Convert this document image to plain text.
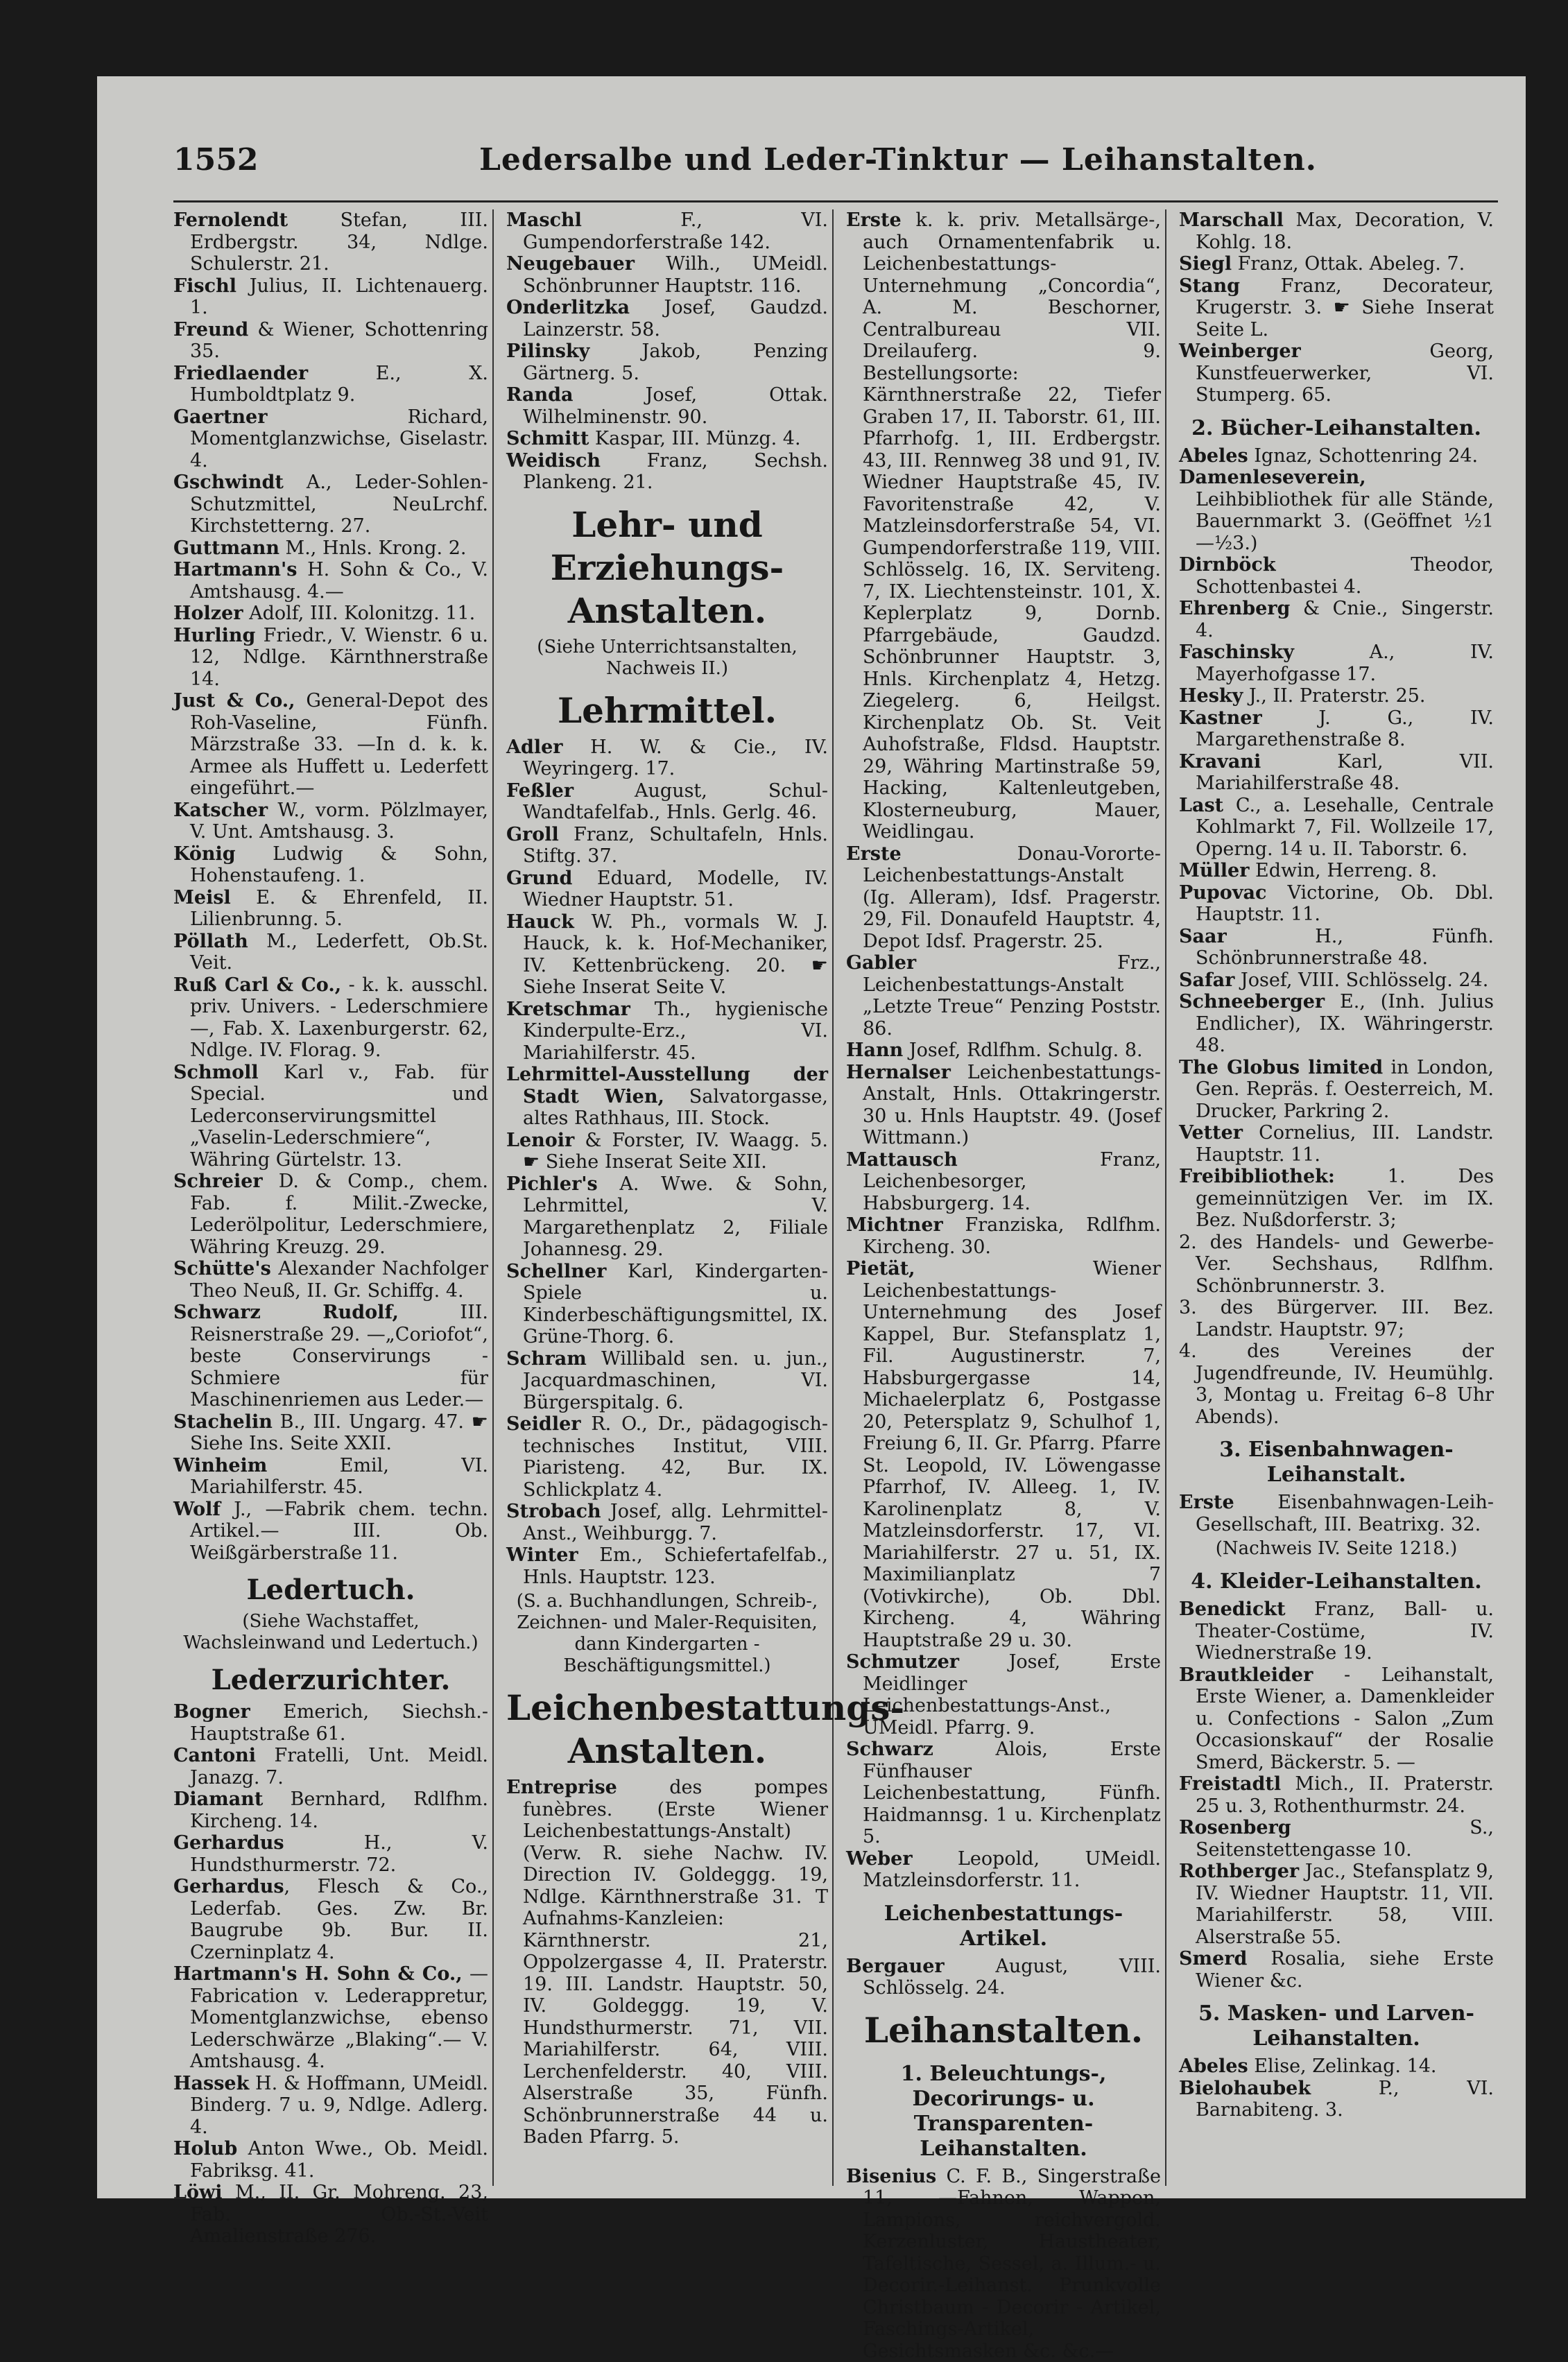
1552	Ledersalbe und Leder-Tinktur — Leihanstalten.

Fernolendt Stefan, III. Erdbergstr. 34, Ndlge. Schulerstr. 21.

Fischl Julius, II. Lichtenauerg. 1.

Freund & Wiener, Schottenring 35.

Friedlaender E., X. Humboldtplatz 9.

Gaertner Richard, Momentglanzwichse, Giselastr. 4.

Gschwindt A., Leder-Sohlen-Schutzmittel, NeuLrchf. Kirchstetterng. 27.

Guttmann M., Hnls. Krong. 2.

Hartmann's H. Sohn & Co., V. Amtshausg. 4.—

Holzer Adolf, III. Kolonitzg. 11.

Hurling Friedr., V. Wienstr. 6 u. 12, Ndlge. Kärnthnerstraße 14.

Just & Co., General-Depot des Roh-Vaseline, Fünfh. Märzstraße 33. —In d. k. k. Armee als Huffett u. Lederfett eingeführt.—

Katscher W., vorm. Pölzlmayer, V. Unt. Amtshausg. 3.

König Ludwig & Sohn, Hohenstaufeng. 1.

Meisl E. & Ehrenfeld, II. Lilienbrunng. 5.

Pöllath M., Lederfett, Ob.St. Veit.

Ruß Carl & Co., - k. k. ausschl. priv. Univers. - Lederschmiere—, Fab. X. Laxenburgerstr. 62, Ndlge. IV. Florag. 9.

Schmoll Karl v., Fab. für Special. und Lederconservirungsmittel „Vaselin-Lederschmiere“, Währing Gürtelstr. 13.

Schreier D. & Comp., chem. Fab. f. Milit.-Zwecke, Lederölpolitur, Lederschmiere, Währing Kreuzg. 29.

Schütte's Alexander Nachfolger Theo Neuß, II. Gr. Schiffg. 4.

Schwarz Rudolf, III. Reisnerstraße 29. —„Coriofot“, beste Conservirungs - Schmiere für Maschinenriemen aus Leder.—

Stachelin B., III. Ungarg. 47. ☛ Siehe Ins. Seite XXII.

Winheim Emil, VI. Mariahilferstr. 45.

Wolf J., —Fabrik chem. techn. Artikel.— III. Ob. Weißgärberstraße 11.

Ledertuch.
(Siehe Wachstaffet, Wachsleinwand und Ledertuch.)
Lederzurichter.

Bogner Emerich, Siechsh.-Hauptstraße 61.

Cantoni Fratelli, Unt. Meidl. Janazg. 7.

Diamant Bernhard, Rdlfhm. Kircheng. 14.

Gerhardus H., V. Hundsthurmerstr. 72.

Gerhardus, Flesch & Co., Lederfab. Ges. Zw. Br. Baugrube 9b. Bur. II. Czerninplatz 4.

Hartmann's H. Sohn & Co., —Fabrication v. Lederappretur, Momentglanzwichse, ebenso Lederschwärze „Blaking“.— V. Amtshausg. 4.

Hassek H. & Hoffmann, UMeidl. Binderg. 7 u. 9, Ndlge. Adlerg. 4.

Holub Anton Wwe., Ob. Meidl. Fabriksg. 41.

Löwi M., II. Gr. Mohreng. 23, Fab. Ob.-St.-Veit Amalienstraße 276.

Maschl F., VI. Gumpendorferstraße 142.

Neugebauer Wilh., UMeidl. Schönbrunner Hauptstr. 116.

Onderlitzka Josef, Gaudzd. Lainzerstr. 58.

Pilinsky Jakob, Penzing Gärtnerg. 5.

Randa Josef, Ottak. Wilhelminenstr. 90.

Schmitt Kaspar, III. Münzg. 4.

Weidisch Franz, Sechsh. Plankeng. 21.

Lehr- und Erziehungs-Anstalten.
(Siehe Unterrichtsanstalten, Nachweis II.)
Lehrmittel.

Adler H. W. & Cie., IV. Weyringerg. 17.

Feßler August, Schul-Wandtafelfab., Hnls. Gerlg. 46.

Groll Franz, Schultafeln, Hnls. Stiftg. 37.

Grund Eduard, Modelle, IV. Wiedner Hauptstr. 51.

Hauck W. Ph., vormals W. J. Hauck, k. k. Hof-Mechaniker, IV. Kettenbrückeng. 20. ☛ Siehe Inserat Seite V.

Kretschmar Th., hygienische Kinderpulte-Erz., VI. Mariahilferstr. 45.

Lehrmittel-Ausstellung der Stadt Wien, Salvatorgasse, altes Rathhaus, III. Stock.

Lenoir & Forster, IV. Waagg. 5. ☛ Siehe Inserat Seite XII.

Pichler's A. Wwe. & Sohn, Lehrmittel, V. Margarethenplatz 2, Filiale Johannesg. 29.

Schellner Karl, Kindergarten-Spiele u. Kinderbeschäftigungsmittel, IX. Grüne-Thorg. 6.

Schram Willibald sen. u. jun., Jacquardmaschinen, VI. Bürgerspitalg. 6.

Seidler R. O., Dr., pädagogisch-technisches Institut, VIII. Piaristeng. 42, Bur. IX. Schlickplatz 4.

Strobach Josef, allg. Lehrmittel-Anst., Weihburgg. 7.

Winter Em., Schiefertafelfab., Hnls. Hauptstr. 123.

(S. a. Buchhandlungen, Schreib-, Zeichnen- und Maler-Requisiten, dann Kindergarten - Beschäftigungsmittel.)
Leichenbestattungs-Anstalten.

Entreprise des pompes funèbres. (Erste Wiener Leichenbestattungs-Anstalt) (Verw. R. siehe Nachw. IV. Direction IV. Goldeggg. 19, Ndlge. Kärnthnerstraße 31. T Aufnahms-Kanzleien: Kärnthnerstr. 21, Oppolzergasse 4, II. Praterstr. 19. III. Landstr. Hauptstr. 50, IV. Goldeggg. 19, V. Hundsthurmerstr. 71, VII. Mariahilferstr. 64, VIII. Lerchenfelderstr. 40, VIII. Alserstraße 35, Fünfh. Schönbrunnerstraße 44 u. Baden Pfarrg. 5.

Erste k. k. priv. Metallsärge-, auch Ornamentenfabrik u. Leichenbestattungs-Unternehmung „Concordia“, A. M. Beschorner, Centralbureau VII. Dreilauferg. 9. Bestellungsorte: Kärnthnerstraße 22, Tiefer Graben 17, II. Taborstr. 61, III. Pfarrhofg. 1, III. Erdbergstr. 43, III. Rennweg 38 und 91, IV. Wiedner Hauptstraße 45, IV. Favoritenstraße 42, V. Matzleinsdorferstraße 54, VI. Gumpendorferstraße 119, VIII. Schlösselg. 16, IX. Serviteng. 7, IX. Liechtensteinstr. 101, X. Keplerplatz 9, Dornb. Pfarrgebäude, Gaudzd. Schönbrunner Hauptstr. 3, Hnls. Kirchenplatz 4, Hetzg. Ziegelerg. 6, Heilgst. Kirchenplatz Ob. St. Veit Auhofstraße, Fldsd. Hauptstr. 29, Währing Martinstraße 59, Hacking, Kaltenleutgeben, Klosterneuburg, Mauer, Weidlingau.

Erste Donau-Vororte-Leichenbestattungs-Anstalt (Ig. Alleram), Idsf. Pragerstr. 29, Fil. Donaufeld Hauptstr. 4, Depot Idsf. Pragerstr. 25.

Gabler Frz., Leichenbestattungs-Anstalt „Letzte Treue“ Penzing Poststr. 86.

Hann Josef, Rdlfhm. Schulg. 8.

Hernalser Leichenbestattungs-Anstalt, Hnls. Ottakringerstr. 30 u. Hnls Hauptstr. 49. (Josef Wittmann.)

Mattausch Franz, Leichenbesorger, Habsburgerg. 14.

Michtner Franziska, Rdlfhm. Kircheng. 30.

Pietät, Wiener Leichenbestattungs-Unternehmung des Josef Kappel, Bur. Stefansplatz 1, Fil. Augustinerstr. 7, Habsburgergasse 14, Michaelerplatz 6, Postgasse 20, Petersplatz 9, Schulhof 1, Freiung 6, II. Gr. Pfarrg. Pfarre St. Leopold, IV. Löwengasse Pfarrhof, IV. Alleeg. 1, IV. Karolinenplatz 8, V. Matzleinsdorferstr. 17, VI. Mariahilferstr. 27 u. 51, IX. Maximilianplatz 7 (Votivkirche), Ob. Dbl. Kircheng. 4, Währing Hauptstraße 29 u. 30.

Schmutzer Josef, Erste Meidlinger Leichenbestattungs-Anst., UMeidl. Pfarrg. 9.

Schwarz Alois, Erste Fünfhauser Leichenbestattung, Fünfh. Haidmannsg. 1 u. Kirchenplatz 5.

Weber Leopold, UMeidl. Matzleinsdorferstr. 11.

Leichenbestattungs-Artikel.

Bergauer August, VIII. Schlösselg. 24.

Leihanstalten.
1. Beleuchtungs-, Decorirungs- u. Transparenten-Leihanstalten.

Bisenius C. F. B., Singerstraße 11, —Fahnen, Wappen, Lampions, reichvergold. Kerzenluster, Haustheater, Tafeltische, Sessel, a. Illum.- u. Decorir.-Leihanst. Prunkvolle Christbaum - Decorir - Artikel, Faschings-Artikel, Gesichtsmasken &c. &c.—

Marschall Max, Decoration, V. Kohlg. 18.

Siegl Franz, Ottak. Abeleg. 7.

Stang Franz, Decorateur, Krugerstr. 3. ☛ Siehe Inserat Seite L.

Weinberger Georg, Kunstfeuerwerker, VI. Stumperg. 65.

2. Bücher-Leihanstalten.

Abeles Ignaz, Schottenring 24.

Damenleseverein, Leihbibliothek für alle Stände, Bauernmarkt 3. (Geöffnet ½1—½3.)

Dirnböck Theodor, Schottenbastei 4.

Ehrenberg & Cnie., Singerstr. 4.

Faschinsky A., IV. Mayerhofgasse 17.

Hesky J., II. Praterstr. 25.

Kastner J. G., IV. Margarethenstraße 8.

Kravani Karl, VII. Mariahilferstraße 48.

Last C., a. Lesehalle, Centrale Kohlmarkt 7, Fil. Wollzeile 17, Operng. 14 u. II. Taborstr. 6.

Müller Edwin, Herreng. 8.

Pupovac Victorine, Ob. Dbl. Hauptstr. 11.

Saar H., Fünfh. Schönbrunnerstraße 48.

Safar Josef, VIII. Schlösselg. 24.

Schneeberger E., (Inh. Julius Endlicher), IX. Währingerstr. 48.

The Globus limited in London, Gen. Repräs. f. Oesterreich, M. Drucker, Parkring 2.

Vetter Cornelius, III. Landstr. Hauptstr. 11.

Freibibliothek: 1. Des gemeinnützigen Ver. im IX. Bez. Nußdorferstr. 3;

2. des Handels- und Gewerbe-Ver. Sechshaus, Rdlfhm. Schönbrunnerstr. 3.

3. des Bürgerver. III. Bez. Landstr. Hauptstr. 97;

4. des Vereines der Jugendfreunde, IV. Heumühlg. 3, Montag u. Freitag 6–8 Uhr Abends).

3. Eisenbahnwagen-Leihanstalt.

Erste Eisenbahnwagen-Leih-Gesellschaft, III. Beatrixg. 32.

(Nachweis IV. Seite 1218.)
4. Kleider-Leihanstalten.

Benedickt Franz, Ball- u. Theater-Costüme, IV. Wiednerstraße 19.

Brautkleider - Leihanstalt, Erste Wiener, a. Damenkleider u. Confections - Salon „Zum Occasionskauf“ der Rosalie Smerd, Bäckerstr. 5. —

Freistadtl Mich., II. Praterstr. 25 u. 3, Rothenthurmstr. 24.

Rosenberg S., Seitenstettengasse 10.

Rothberger Jac., Stefansplatz 9, IV. Wiedner Hauptstr. 11, VII. Mariahilferstr. 58, VIII. Alserstraße 55.

Smerd Rosalia, siehe Erste Wiener &c.

5. Masken- und Larven-Leihanstalten.

Abeles Elise, Zelinkag. 14.

Bielohaubek P., VI. Barnabiteng. 3.
